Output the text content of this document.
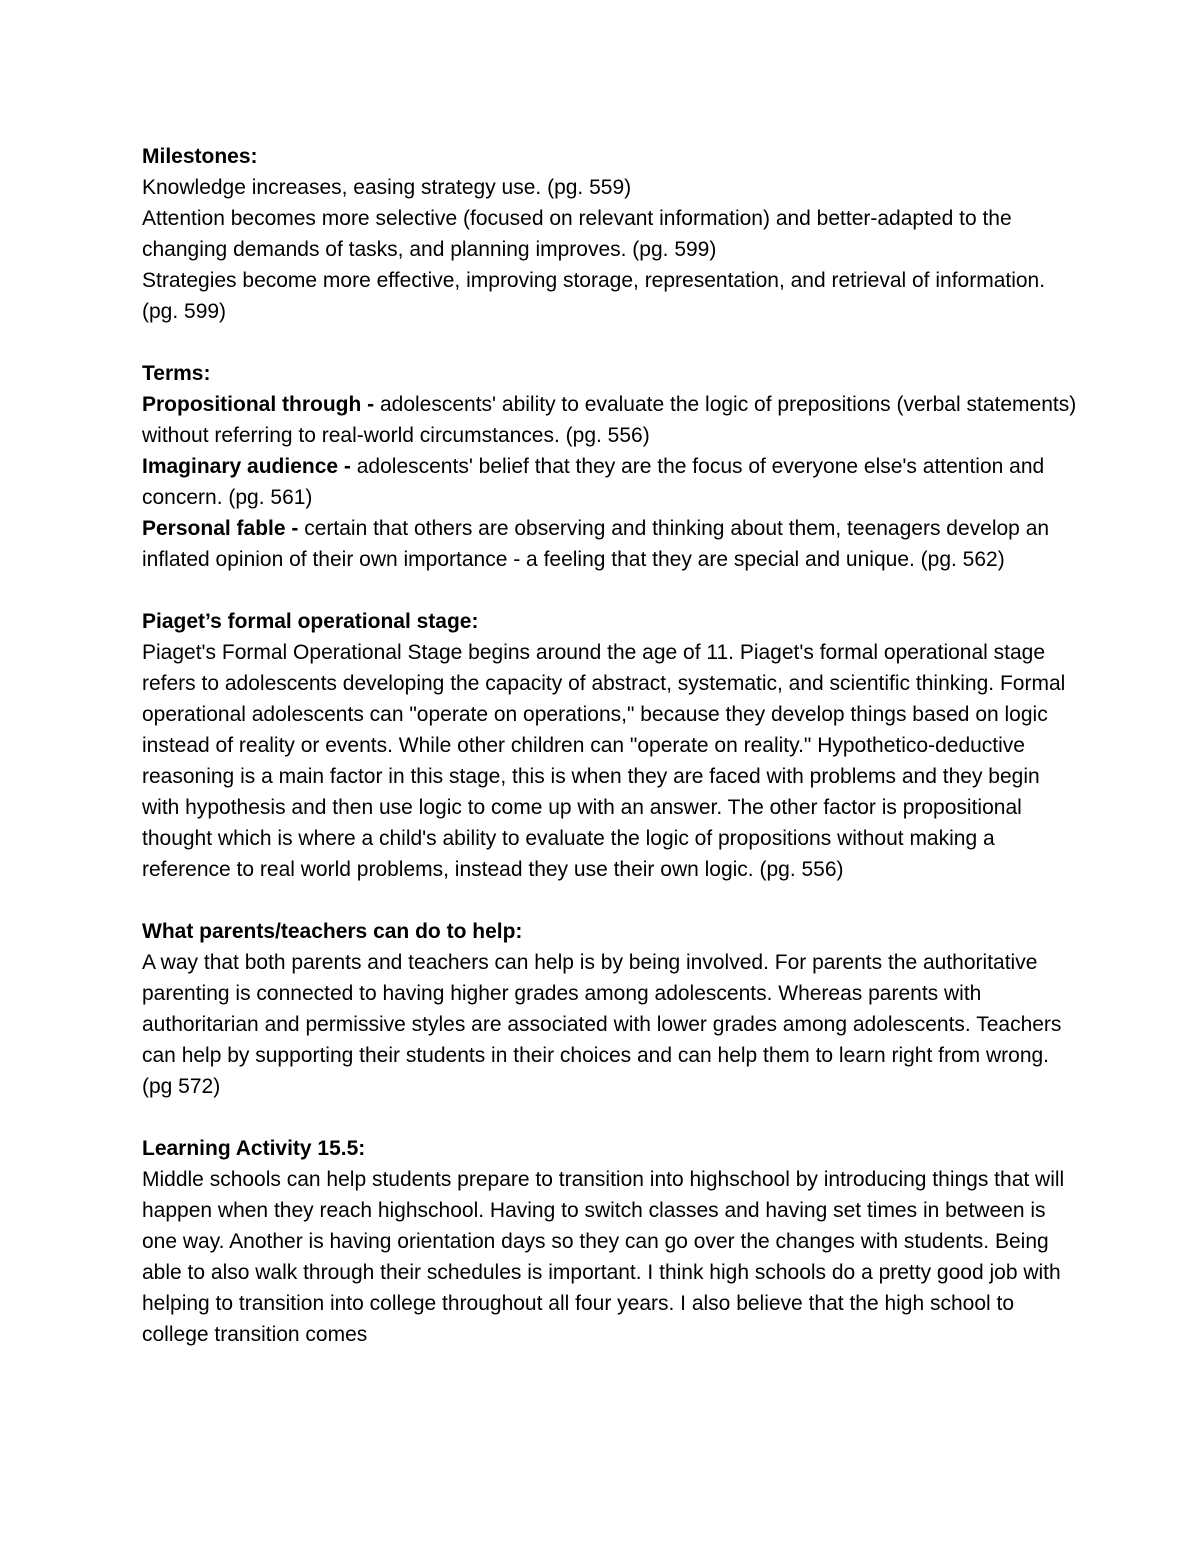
Milestones:
Knowledge increases, easing strategy use. (pg. 559)
Attention becomes more selective (focused on relevant information) and better-adapted to the changing demands of tasks, and planning improves. (pg. 599)
Strategies become more effective, improving storage, representation, and retrieval of information. (pg. 599)
Terms:
Propositional through - adolescents' ability to evaluate the logic of prepositions (verbal statements) without referring to real-world circumstances. (pg. 556)
Imaginary audience - adolescents' belief that they are the focus of everyone else's attention and concern. (pg. 561)
Personal fable - certain that others are observing and thinking about them, teenagers develop an inflated opinion of their own importance - a feeling that they are special and unique. (pg. 562)
Piaget’s formal operational stage:
Piaget's Formal Operational Stage begins around the age of 11. Piaget's formal operational stage refers to adolescents developing the capacity of abstract, systematic, and scientific thinking. Formal operational adolescents can "operate on operations," because they develop things based on logic instead of reality or events. While other children can "operate on reality." Hypothetico-deductive reasoning is a main factor in this stage, this is when they are faced with problems and they begin with hypothesis and then use logic to come up with an answer. The other factor is propositional thought which is where a child's ability to evaluate the logic of propositions without making a reference to real world problems, instead they use their own logic. (pg. 556)
What parents/teachers can do to help:
A way that both parents and teachers can help is by being involved. For parents the authoritative parenting is connected to having higher grades among adolescents. Whereas parents with authoritarian and permissive styles are associated with lower grades among adolescents. Teachers can help by supporting their students in their choices and can help them to learn right from wrong. (pg 572)
Learning Activity 15.5:
Middle schools can help students prepare to transition into highschool by introducing things that will happen when they reach highschool. Having to switch classes and having set times in between is one way. Another is having orientation days so they can go over the changes with students. Being able to also walk through their schedules is important. I think high schools do a pretty good job with helping to transition into college throughout all four years. I also believe that the high school to college transition comes
